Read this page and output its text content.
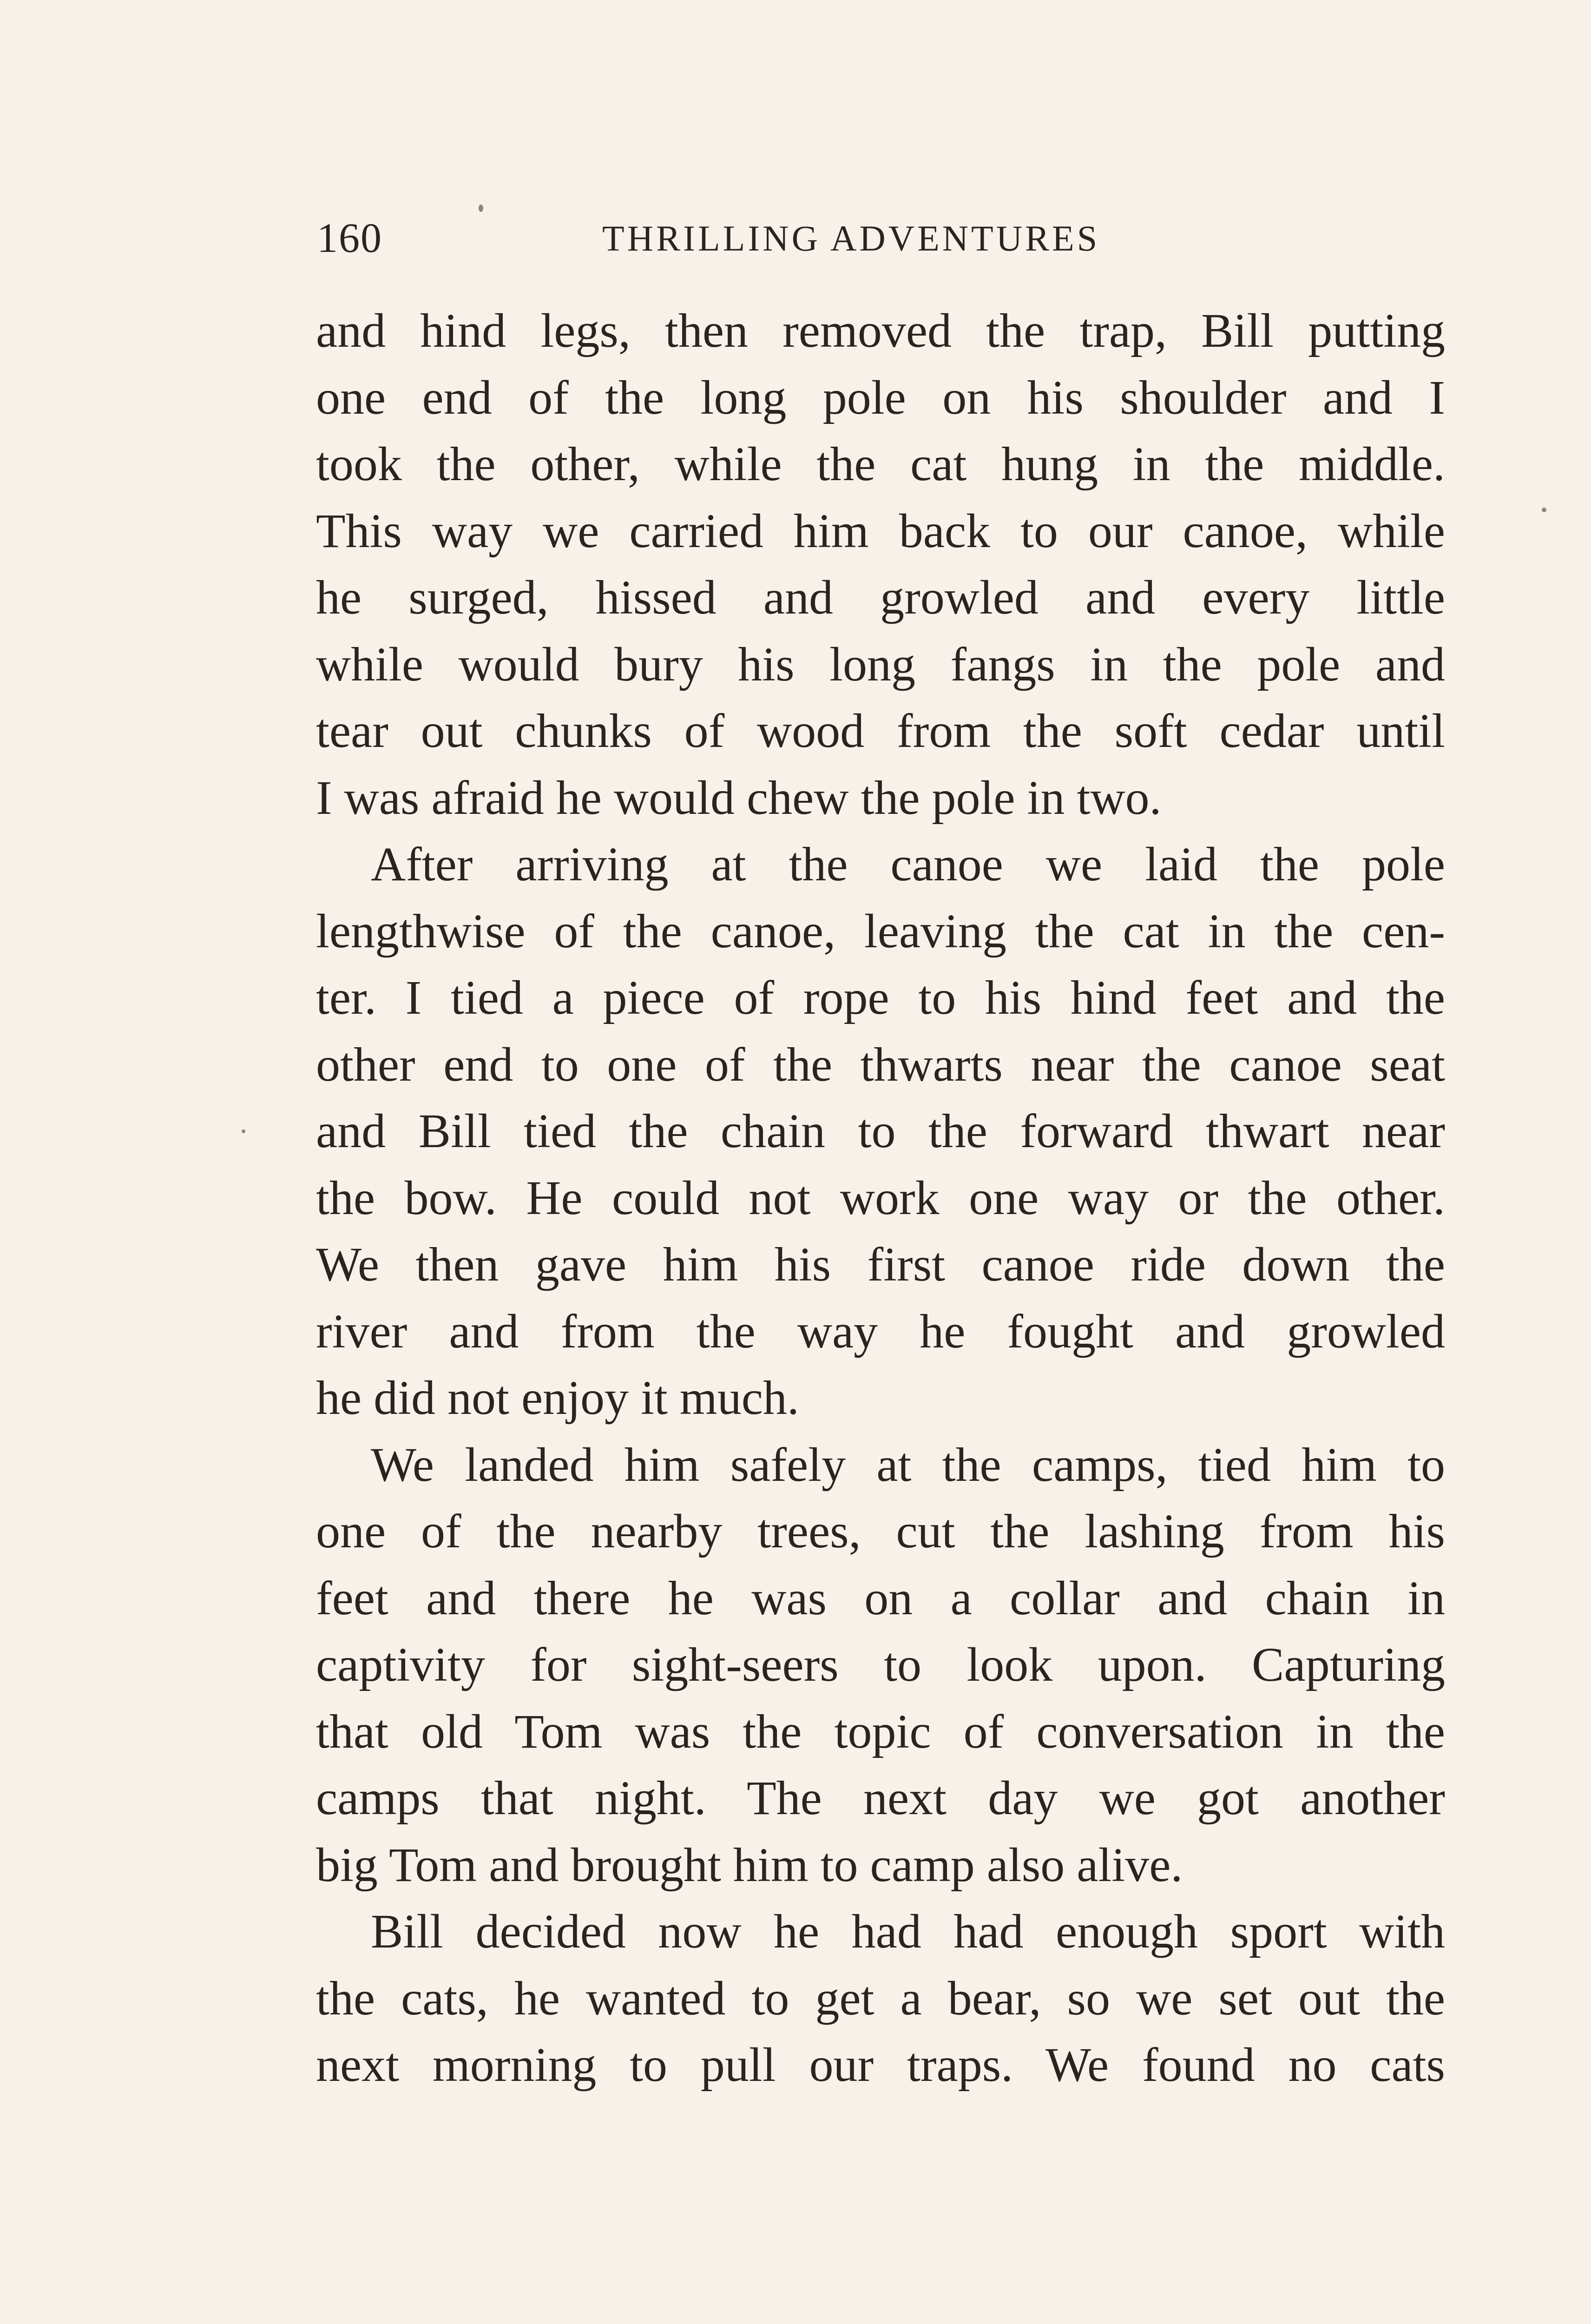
160	THRILLING ADVENTURES
and hind legs, then removed the trap, Bill putting
one end of the long pole on his shoulder and I
took the other, while the cat hung in the middle.
This way we carried him back to our canoe, while
he surged, hissed and growled and every little
while would bury his long fangs in the pole and
tear out chunks of wood from the soft cedar until
I was afraid he would chew the pole in two.
After arriving at the canoe we laid the pole
lengthwise of the canoe, leaving the cat in the cen-
ter. I tied a piece of rope to his hind feet and the
other end to one of the thwarts near the canoe seat
and Bill tied the chain to the forward thwart near
the bow. He could not work one way or the other.
We then gave him his first canoe ride down the
river and from the way he fought and growled
he did not enjoy it much.
We landed him safely at the camps, tied him to
one of the nearby trees, cut the lashing from his
feet and there he was on a collar and chain in
captivity for sight-seers to look upon. Capturing
that old Tom was the topic of conversation in the
camps that night. The next day we got another
big Tom and brought him to camp also alive.
Bill decided now he had had enough sport with
the cats, he wanted to get a bear, so we set out the
next morning to pull our traps. We found no cats
